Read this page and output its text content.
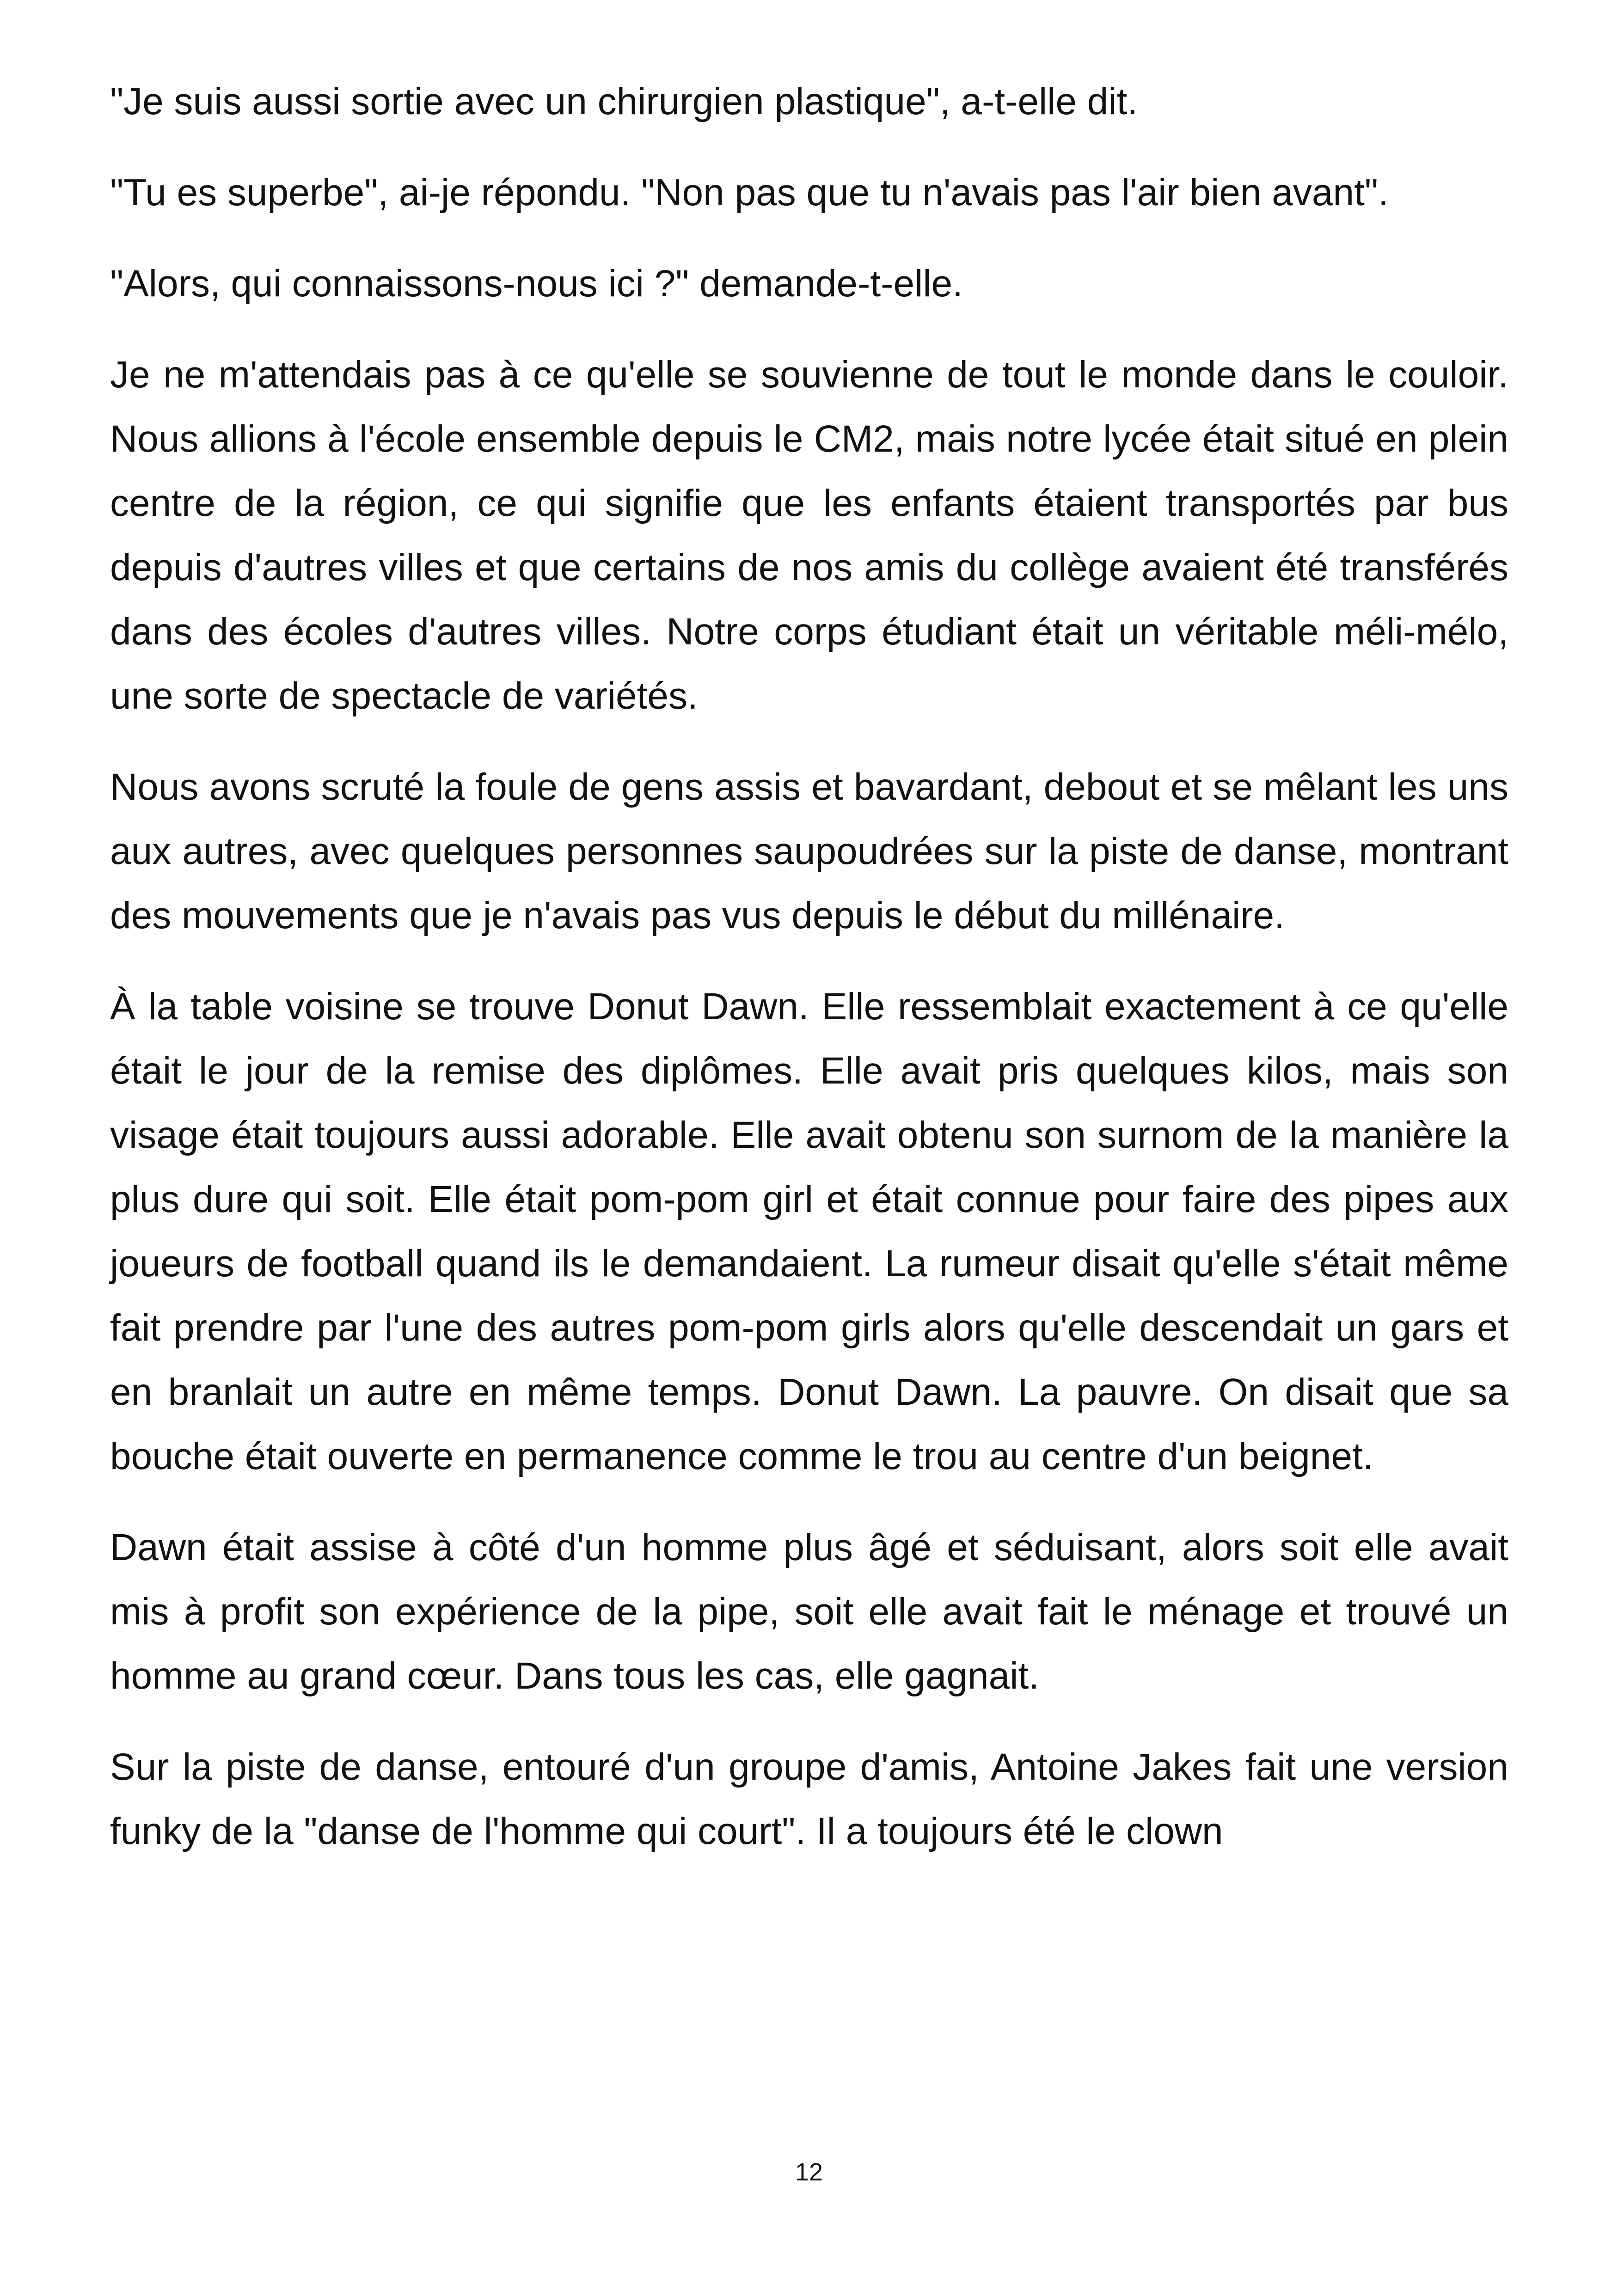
"Je suis aussi sortie avec un chirurgien plastique", a-t-elle dit.

"Tu es superbe", ai-je répondu. "Non pas que tu n'avais pas l'air bien avant".

"Alors, qui connaissons-nous ici ?" demande-t-elle.

Je ne m'attendais pas à ce qu'elle se souvienne de tout le monde dans le couloir. Nous allions à l'école ensemble depuis le CM2, mais notre lycée était situé en plein centre de la région, ce qui signifie que les enfants étaient transportés par bus depuis d'autres villes et que certains de nos amis du collège avaient été transférés dans des écoles d'autres villes. Notre corps étudiant était un véritable méli-mélo, une sorte de spectacle de variétés.

Nous avons scruté la foule de gens assis et bavardant, debout et se mêlant les uns aux autres, avec quelques personnes saupoudrées sur la piste de danse, montrant des mouvements que je n'avais pas vus depuis le début du millénaire.

À la table voisine se trouve Donut Dawn. Elle ressemblait exactement à ce qu'elle était le jour de la remise des diplômes. Elle avait pris quelques kilos, mais son visage était toujours aussi adorable. Elle avait obtenu son surnom de la manière la plus dure qui soit. Elle était pom-pom girl et était connue pour faire des pipes aux joueurs de football quand ils le demandaient. La rumeur disait qu'elle s'était même fait prendre par l'une des autres pom-pom girls alors qu'elle descendait un gars et en branlait un autre en même temps. Donut Dawn. La pauvre. On disait que sa bouche était ouverte en permanence comme le trou au centre d'un beignet.

Dawn était assise à côté d'un homme plus âgé et séduisant, alors soit elle avait mis à profit son expérience de la pipe, soit elle avait fait le ménage et trouvé un homme au grand cœur. Dans tous les cas, elle gagnait.

Sur la piste de danse, entouré d'un groupe d'amis, Antoine Jakes fait une version funky de la "danse de l'homme qui court". Il a toujours été le clown

12
